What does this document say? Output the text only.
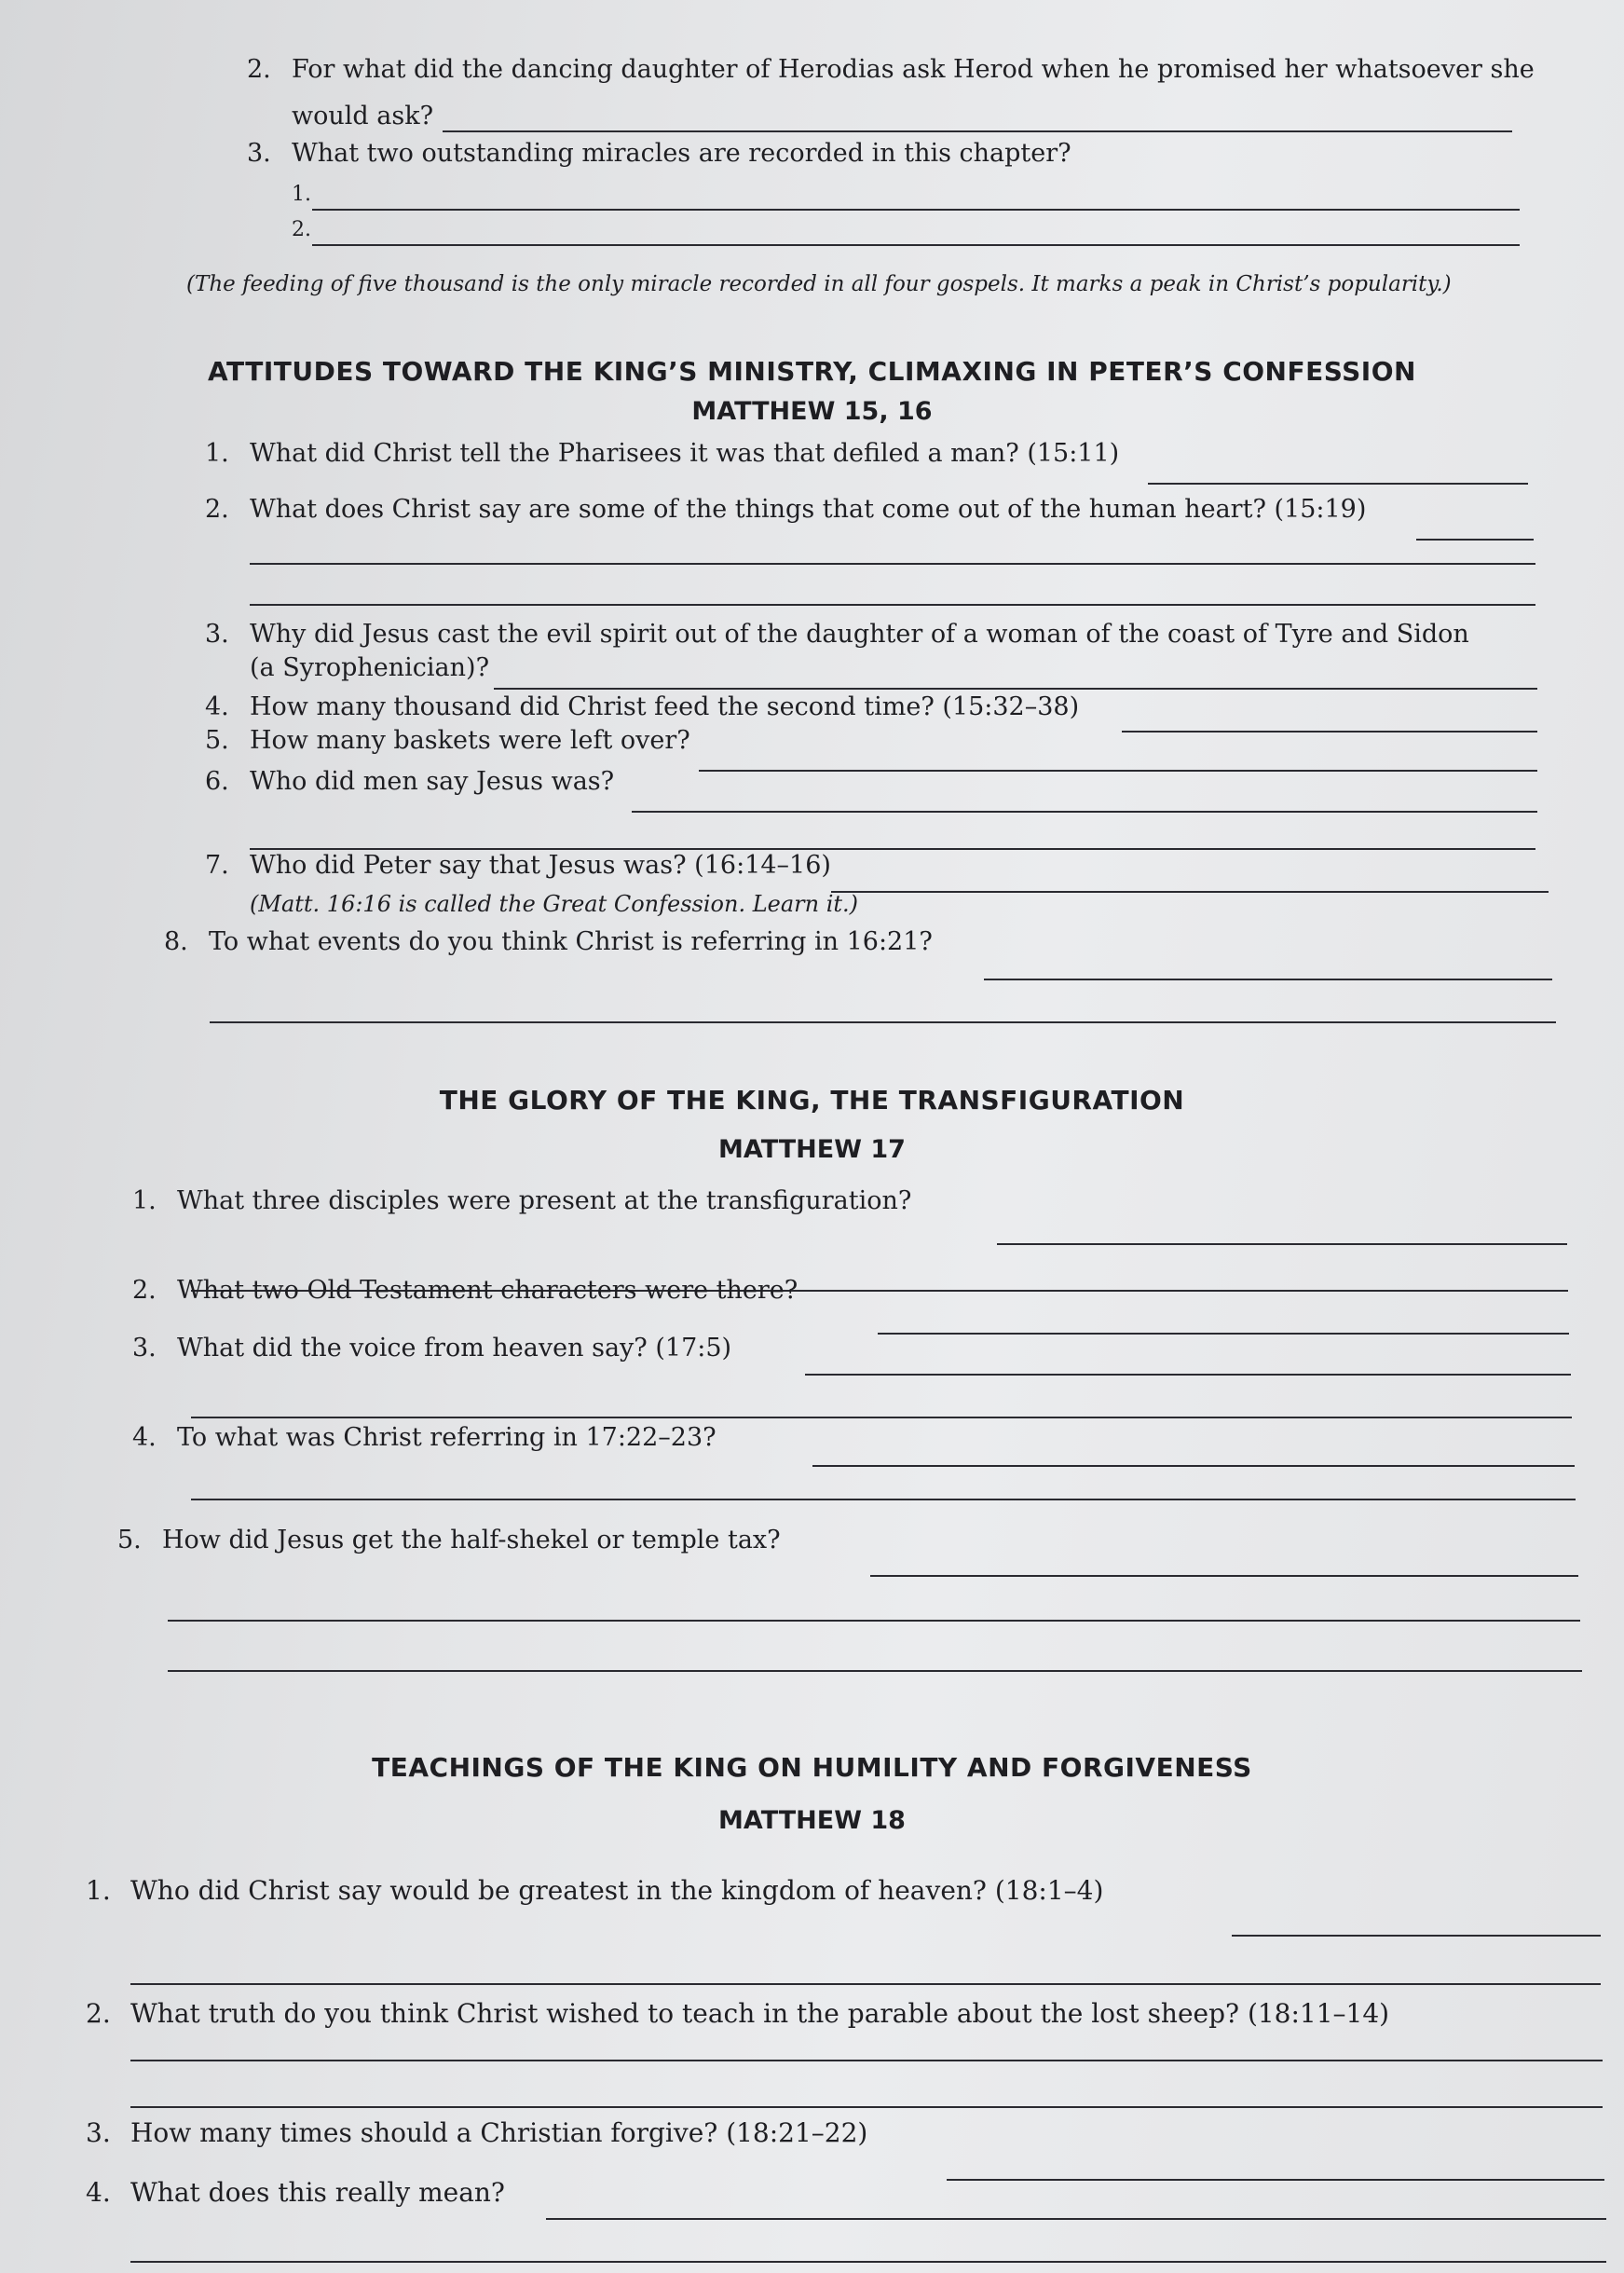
2. For what did the dancing daughter of Herodias ask Herod when he promised her whatsoever she
would ask?
3. What two outstanding miracles are recorded in this chapter?
1.
2.
(The feeding of five thousand is the only miracle recorded in all four gospels. It marks a peak in Christ’s popularity.)
ATTITUDES TOWARD THE KING’S MINISTRY, CLIMAXING IN PETER’S CONFESSION
MATTHEW 15, 16
1. What did Christ tell the Pharisees it was that defiled a man? (15:11)
2. What does Christ say are some of the things that come out of the human heart? (15:19)
3. Why did Jesus cast the evil spirit out of the daughter of a woman of the coast of Tyre and Sidon
(a Syrophenician)?
4. How many thousand did Christ feed the second time? (15:32–38)
5. How many baskets were left over?
6. Who did men say Jesus was?
7. Who did Peter say that Jesus was? (16:14–16)
(Matt. 16:16 is called the Great Confession. Learn it.)
8. To what events do you think Christ is referring in 16:21?
THE GLORY OF THE KING, THE TRANSFIGURATION
MATTHEW 17
1. What three disciples were present at the transfiguration?
2. What two Old Testament characters were there?
3. What did the voice from heaven say? (17:5)
4. To what was Christ referring in 17:22–23?
5. How did Jesus get the half-shekel or temple tax?
TEACHINGS OF THE KING ON HUMILITY AND FORGIVENESS
MATTHEW 18
1. Who did Christ say would be greatest in the kingdom of heaven? (18:1–4)
2. What truth do you think Christ wished to teach in the parable about the lost sheep? (18:11–14)
3. How many times should a Christian forgive? (18:21–22)
4. What does this really mean?
